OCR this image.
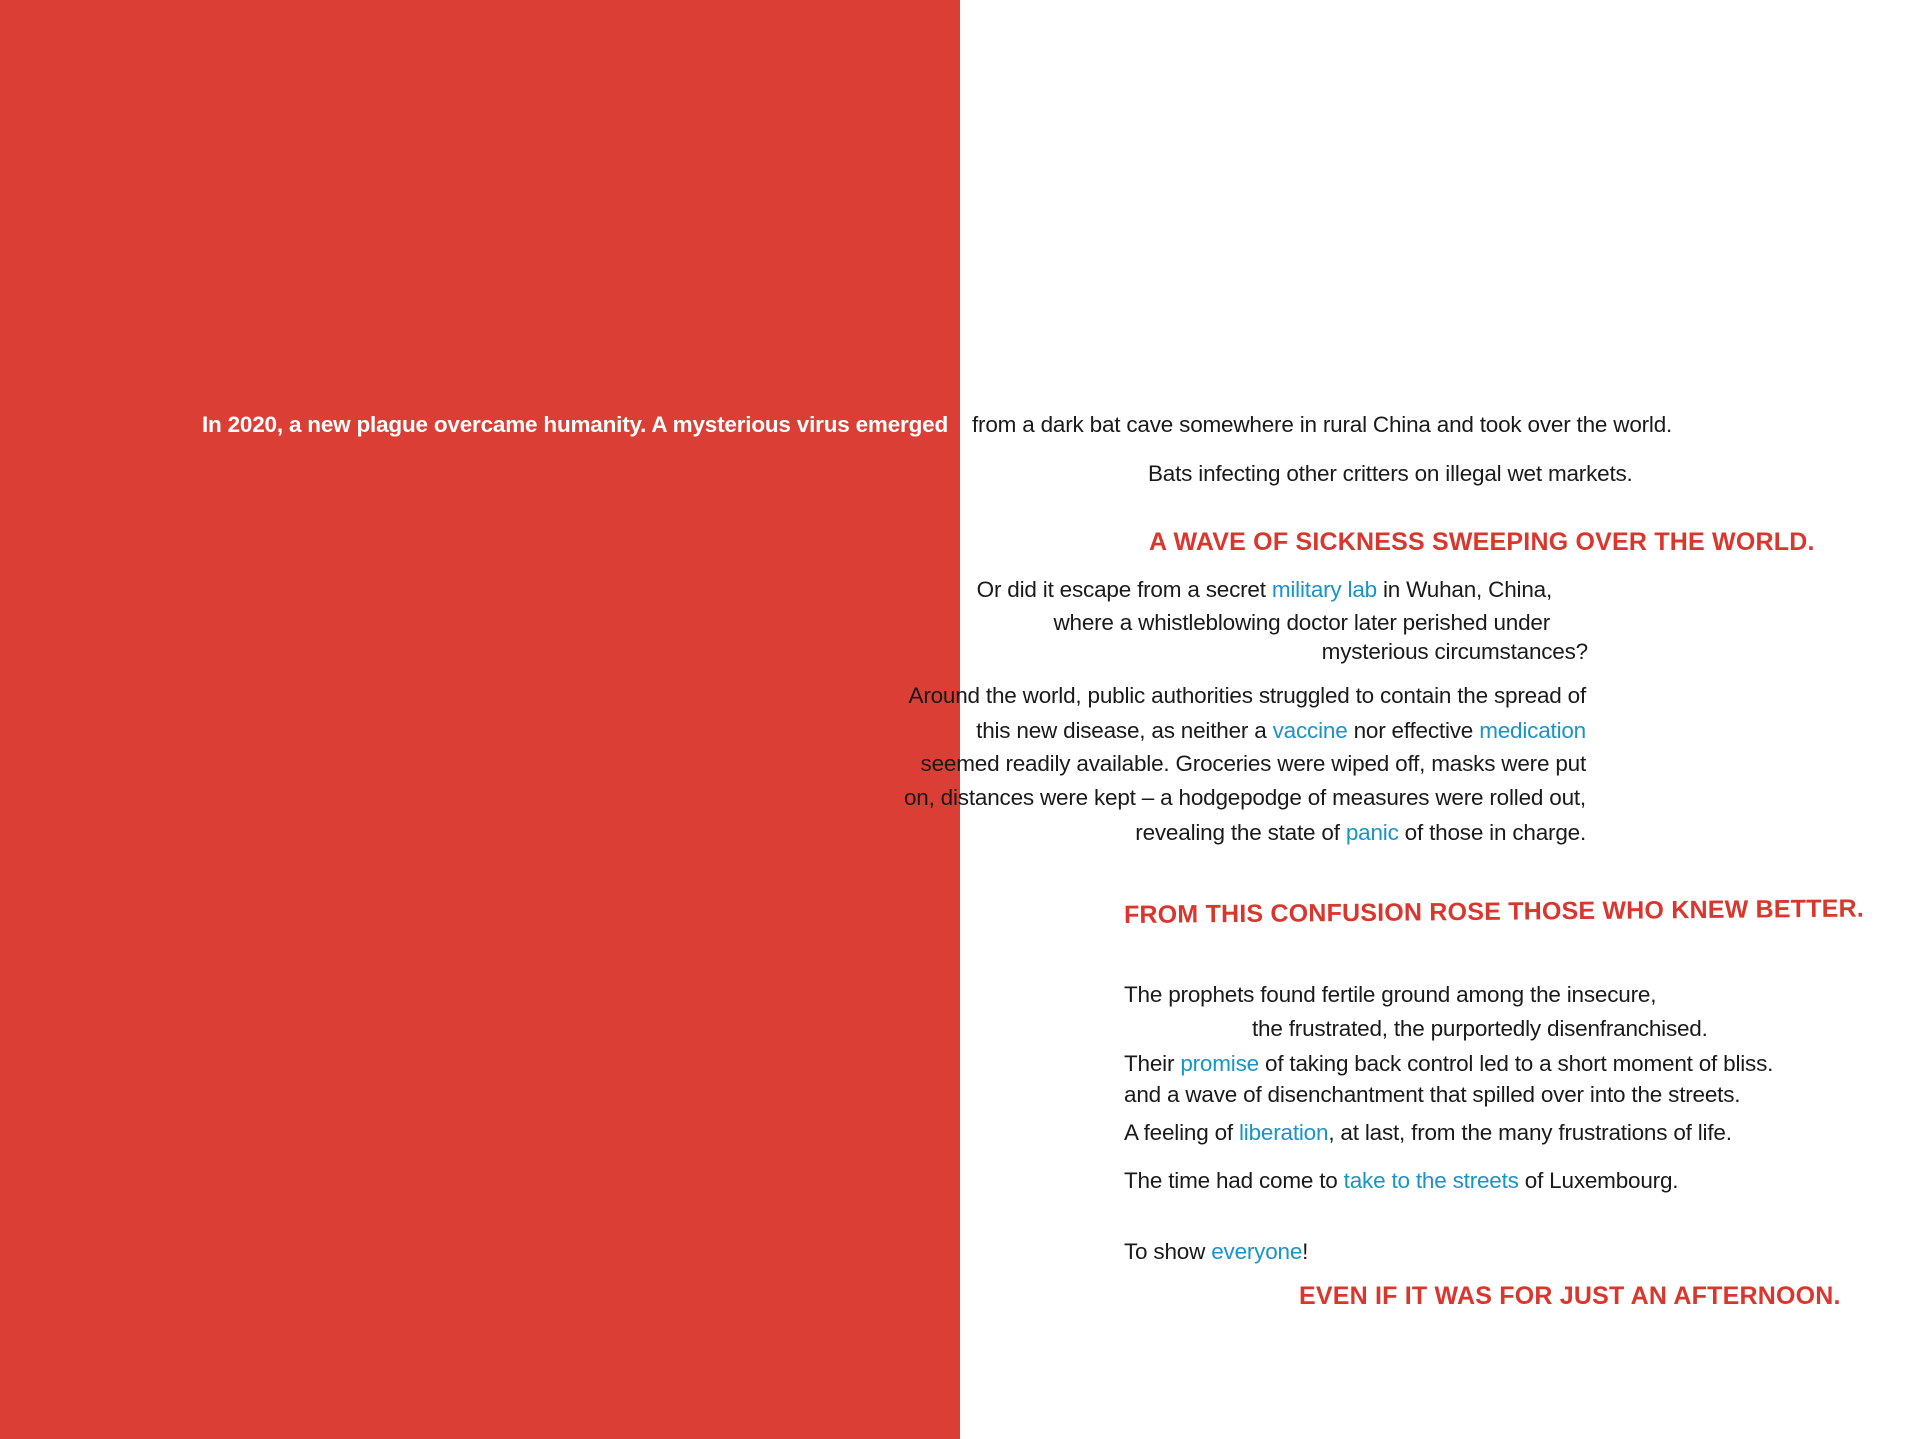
In 2020, a new plague overcame humanity. A mysterious virus emerged from a dark bat cave somewhere in rural China and took over the world.
Bats infecting other critters on illegal wet markets.
A WAVE OF SICKNESS SWEEPING OVER THE WORLD.
Or did it escape from a secret military lab in Wuhan, China,
where a whistleblowing doctor later perished under
mysterious circumstances?
Around the world, public authorities struggled to contain the spread of
this new disease, as neither a vaccine nor effective medication
seemed readily available. Groceries were wiped off, masks were put
on, distances were kept – a hodgepodge of measures were rolled out,
revealing the state of panic of those in charge.
FROM THIS CONFUSION ROSE THOSE WHO KNEW BETTER.
The prophets found fertile ground among the insecure,
the frustrated, the purportedly disenfranchised.
Their promise of taking back control led to a short moment of bliss.
and a wave of disenchantment that spilled over into the streets.
A feeling of liberation, at last, from the many frustrations of life.
The time had come to take to the streets of Luxembourg.
To show everyone!
EVEN IF IT WAS FOR JUST AN AFTERNOON.
